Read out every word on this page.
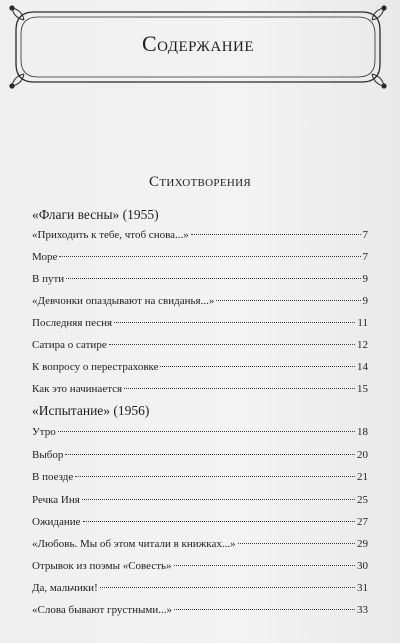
Содержание
Стихотворения
«Флаги весны» (1955)
«Приходить к тебе, чтоб снова...»	7
Море	7
В пути	9
«Девчонки опаздывают на свиданья...»	9
Последняя песня	11
Сатира о сатире	12
К вопросу о перестраховке	14
Как это начинается	15
«Испытание» (1956)
Утро	18
Выбор	20
В поезде	21
Речка Иня	25
Ожидание	27
«Любовь. Мы об этом читали в книжках...»	29
Отрывок из поэмы «Совесть»	30
Да, мальчики!	31
«Слова бывают грустными...»	33
